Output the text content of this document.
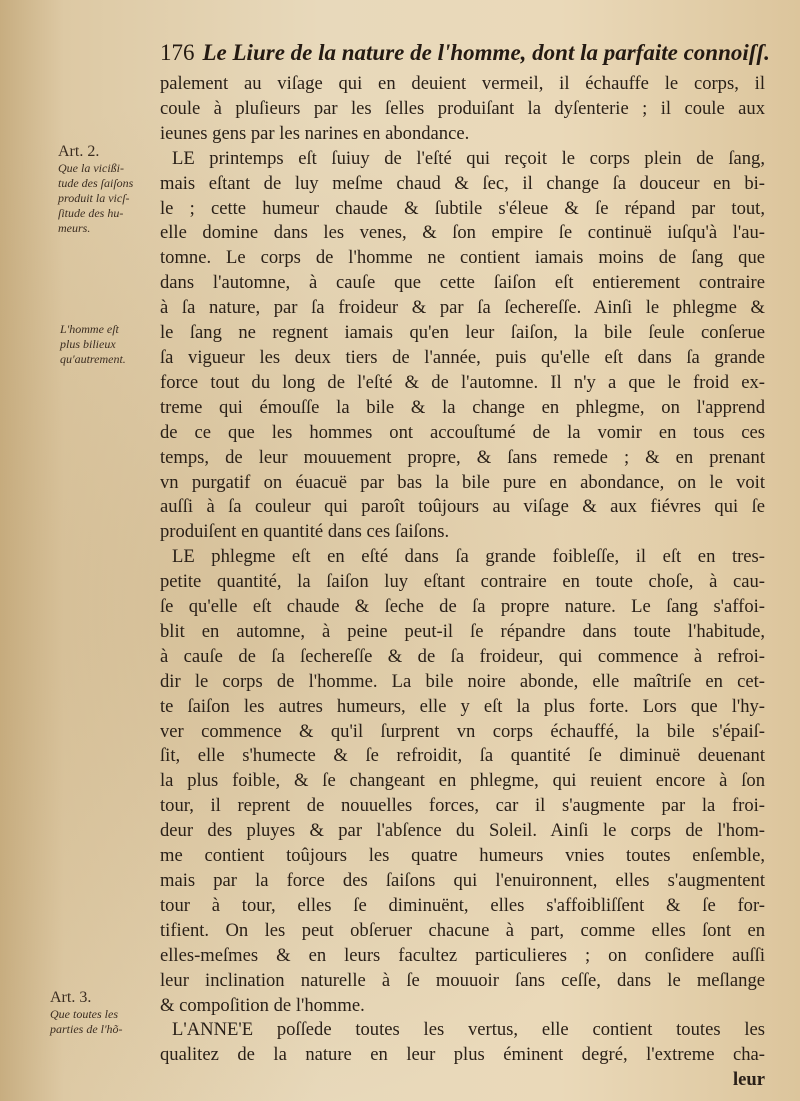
176 Le Liure de la nature de l'homme, dont la parfaite connoiſſ.
Art. 2.
Que la vicißi-
tude des ſaiſons
produit la vicſ-
ſitude des hu-
meurs.
L'homme eſt
plus bilieux
qu'autrement.
Art. 3.
Que toutes les
parties de l'hõ-
palement au viſage qui en deuient vermeil, il échauffe le corps, il
coule à pluſieurs par les ſelles produiſant la dyſenterie ; il coule aux
ieunes gens par les narines en abondance.
LE printemps eſt ſuiuy de l'eſté qui reçoit le corps plein de ſang,
mais eſtant de luy meſme chaud & ſec, il change ſa douceur en bi-
le ; cette humeur chaude & ſubtile s'éleue & ſe répand par tout,
elle domine dans les venes, & ſon empire ſe continuë iuſqu'à l'au-
tomne. Le corps de l'homme ne contient iamais moins de ſang que
dans l'automne, à cauſe que cette ſaiſon eſt entierement contraire
à ſa nature, par ſa froideur & par ſa ſechereſſe. Ainſi le phlegme &
le ſang ne regnent iamais qu'en leur ſaiſon, la bile ſeule conſerue
ſa vigueur les deux tiers de l'année, puis qu'elle eſt dans ſa grande
force tout du long de l'eſté & de l'automne. Il n'y a que le froid ex-
treme qui émouſſe la bile & la change en phlegme, on l'apprend
de ce que les hommes ont accouſtumé de la vomir en tous ces
temps, de leur mouuement propre, & ſans remede ; & en prenant
vn purgatif on éuacuë par bas la bile pure en abondance, on le voit
auſſi à ſa couleur qui paroît toûjours au viſage & aux fiévres qui ſe
produiſent en quantité dans ces ſaiſons.
LE phlegme eſt en eſté dans ſa grande foibleſſe, il eſt en tres-
petite quantité, la ſaiſon luy eſtant contraire en toute choſe, à cau-
ſe qu'elle eſt chaude & ſeche de ſa propre nature. Le ſang s'affoi-
blit en automne, à peine peut-il ſe répandre dans toute l'habitude,
à cauſe de ſa ſechereſſe & de ſa froideur, qui commence à refroi-
dir le corps de l'homme. La bile noire abonde, elle maîtriſe en cet-
te ſaiſon les autres humeurs, elle y eſt la plus forte. Lors que l'hy-
ver commence & qu'il ſurprent vn corps échauffé, la bile s'épaiſ-
ſit, elle s'humecte & ſe refroidit, ſa quantité ſe diminuë deuenant
la plus foible, & ſe changeant en phlegme, qui reuient encore à ſon
tour, il reprent de nouuelles forces, car il s'augmente par la froi-
deur des pluyes & par l'abſence du Soleil. Ainſi le corps de l'hom-
me contient toûjours les quatre humeurs vnies toutes enſemble,
mais par la force des ſaiſons qui l'enuironnent, elles s'augmentent
tour à tour, elles ſe diminuënt, elles s'affoibliſſent & ſe for-
tifient. On les peut obſeruer chacune à part, comme elles ſont en
elles-meſmes & en leurs facultez particulieres ; on conſidere auſſi
leur inclination naturelle à ſe mouuoir ſans ceſſe, dans le meſlange
& compoſition de l'homme.
L'ANNE'E poſſede toutes les vertus, elle contient toutes les
qualitez de la nature en leur plus éminent degré, l'extreme cha-
leur
